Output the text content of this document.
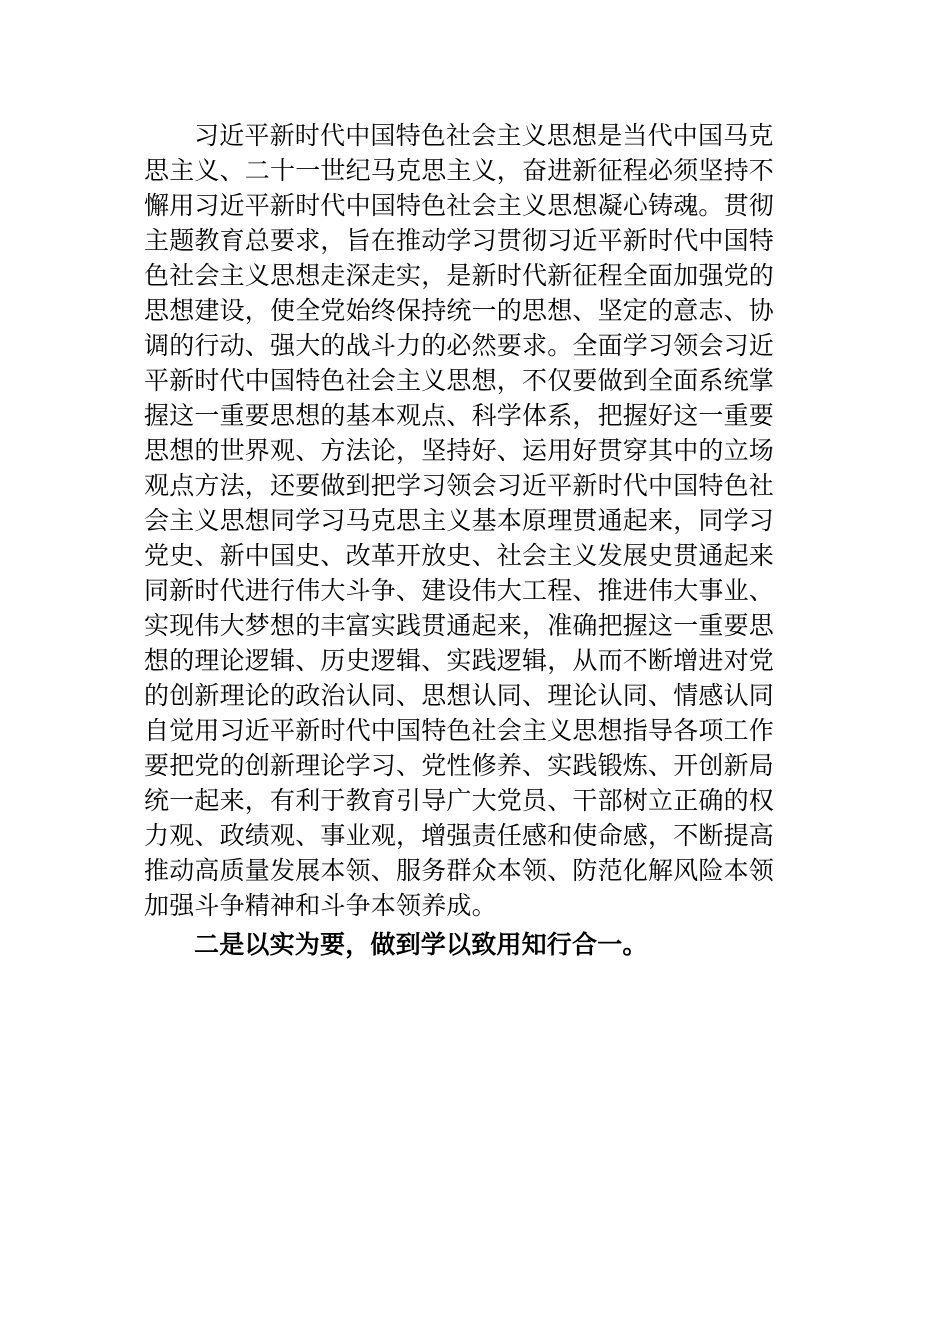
习近平新时代中国特色社会主义思想是当代中国马克
思主义、二十一世纪马克思主义，奋进新征程必须坚持不
懈用习近平新时代中国特色社会主义思想凝心铸魂。贯彻
主题教育总要求，旨在推动学习贯彻习近平新时代中国特
色社会主义思想走深走实，是新时代新征程全面加强党的
思想建设，使全党始终保持统一的思想、坚定的意志、协
调的行动、强大的战斗力的必然要求。全面学习领会习近
平新时代中国特色社会主义思想，不仅要做到全面系统掌
握这一重要思想的基本观点、科学体系，把握好这一重要
思想的世界观、方法论，坚持好、运用好贯穿其中的立场
观点方法，还要做到把学习领会习近平新时代中国特色社
会主义思想同学习马克思主义基本原理贯通起来，同学习
党史、新中国史、改革开放史、社会主义发展史贯通起来
同新时代进行伟大斗争、建设伟大工程、推进伟大事业、
实现伟大梦想的丰富实践贯通起来，准确把握这一重要思
想的理论逻辑、历史逻辑、实践逻辑，从而不断增进对党
的创新理论的政治认同、思想认同、理论认同、情感认同
自觉用习近平新时代中国特色社会主义思想指导各项工作
要把党的创新理论学习、党性修养、实践锻炼、开创新局
统一起来，有利于教育引导广大党员、干部树立正确的权
力观、政绩观、事业观，增强责任感和使命感，不断提高
推动高质量发展本领、服务群众本领、防范化解风险本领
加强斗争精神和斗争本领养成。
二是以实为要，做到学以致用知行合一。
